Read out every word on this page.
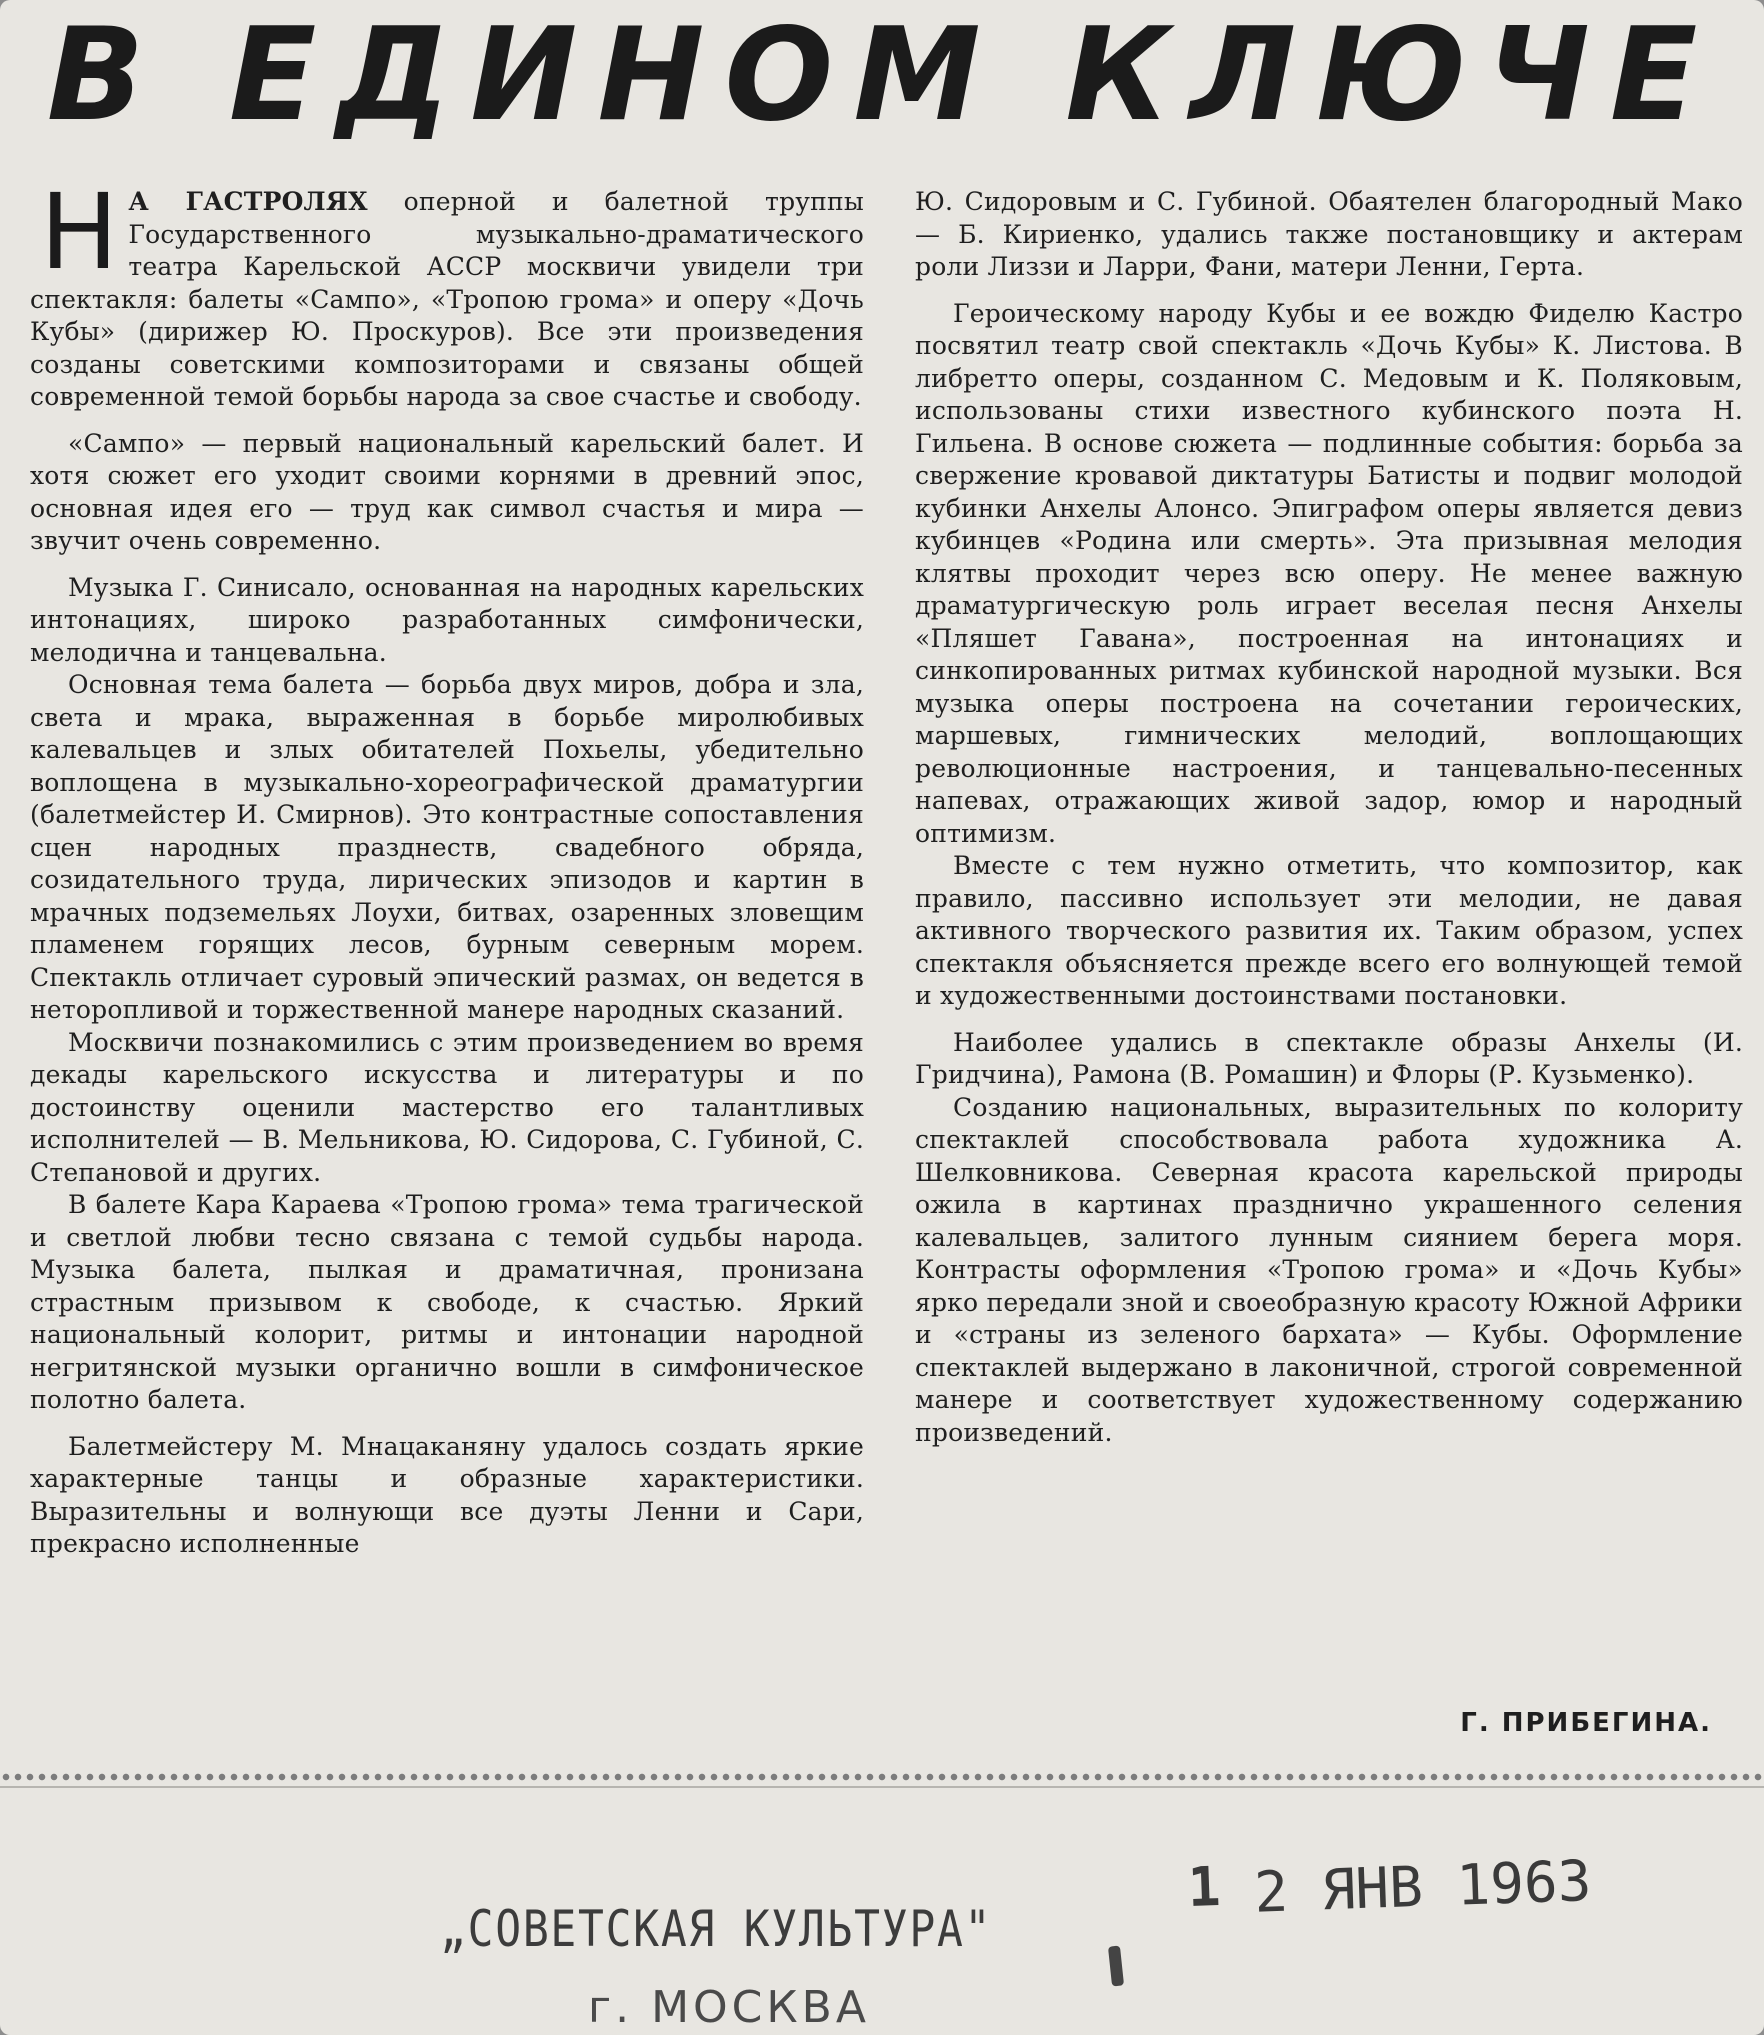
В ЕДИНОМ КЛЮЧЕ

Н А ГАСТРОЛЯХ оперной и балетной труппы Государственного музыкально-драматического театра Карельской АССР москвичи увидели три спектакля: балеты «Сампо», «Тропою грома» и оперу «Дочь Кубы» (дирижер Ю. Проскуров). Все эти произведения созданы советскими композиторами и связаны общей современной темой борьбы народа за свое счастье и свободу.

«Сампо» — первый национальный карельский балет. И хотя сюжет его уходит своими корнями в древний эпос, основная идея его — труд как символ счастья и мира — звучит очень современно.

Музыка Г. Синисало, основанная на народных карельских интонациях, широко разработанных симфонически, мелодична и танцевальна.

Основная тема балета — борьба двух миров, добра и зла, света и мрака, выраженная в борьбе миролюбивых калевальцев и злых обитателей Похьелы, убедительно воплощена в музыкально-хореографической драматургии (балетмейстер И. Смирнов). Это контрастные сопоставления сцен народных празднеств, свадебного обряда, созидательного труда, лирических эпизодов и картин в мрачных подземельях Лоухи, битвах, озаренных зловещим пламенем горящих лесов, бурным северным морем. Спектакль отличает суровый эпический размах, он ведется в неторопливой и торжественной манере народных сказаний.

Москвичи познакомились с этим произведением во время декады карельского искусства и литературы и по достоинству оценили мастерство его талантливых исполнителей — В. Мельникова, Ю. Сидорова, С. Губиной, С. Степановой и других.

В балете Кара Караева «Тропою грома» тема трагической и светлой любви тесно связана с темой судьбы народа. Музыка балета, пылкая и драматичная, пронизана страстным призывом к свободе, к счастью. Яркий национальный колорит, ритмы и интонации народной негритянской музыки органично вошли в симфоническое полотно балета.

Балетмейстеру М. Мнацаканяну удалось создать яркие характерные танцы и образные характеристики. Выразительны и волнующи все дуэты Ленни и Сари, прекрасно исполненные

Ю. Сидоровым и С. Губиной. Обаятелен благородный Мако — Б. Кириенко, удались также постановщику и актерам роли Лиззи и Ларри, Фани, матери Ленни, Герта.

Героическому народу Кубы и ее вождю Фиделю Кастро посвятил театр свой спектакль «Дочь Кубы» К. Листова. В либретто оперы, созданном С. Медовым и К. Поляковым, использованы стихи известного кубинского поэта Н. Гильена. В основе сюжета — подлинные события: борьба за свержение кровавой диктатуры Батисты и подвиг молодой кубинки Анхелы Алонсо. Эпиграфом оперы является девиз кубинцев «Родина или смерть». Эта призывная мелодия клятвы проходит через всю оперу. Не менее важную драматургическую роль играет веселая песня Анхелы «Пляшет Гавана», построенная на интонациях и синкопированных ритмах кубинской народной музыки. Вся музыка оперы построена на сочетании героических, маршевых, гимнических мелодий, воплощающих революционные настроения, и танцевально-песенных напевах, отражающих живой задор, юмор и народный оптимизм.

Вместе с тем нужно отметить, что композитор, как правило, пассивно использует эти мелодии, не давая активного творческого развития их. Таким образом, успех спектакля объясняется прежде всего его волнующей темой и художественными достоинствами постановки.

Наиболее удались в спектакле образы Анхелы (И. Гридчина), Рамона (В. Ромашин) и Флоры (Р. Кузьменко).

Созданию национальных, выразительных по колориту спектаклей способствовала работа художника А. Шелковникова. Северная красота карельской природы ожила в картинах празднично украшенного селения калевальцев, залитого лунным сиянием берега моря. Контрасты оформления «Тропою грома» и «Дочь Кубы» ярко передали зной и своеобразную красоту Южной Африки и «страны из зеленого бархата» — Кубы. Оформление спектаклей выдержано в лаконичной, строгой современной манере и соответствует художественному содержанию произведений.

Г. ПРИБЕГИНА.
„СОВЕТСКАЯ КУЛЬТУРА"
г. МОСКВА
1 2 ЯНВ 1963
